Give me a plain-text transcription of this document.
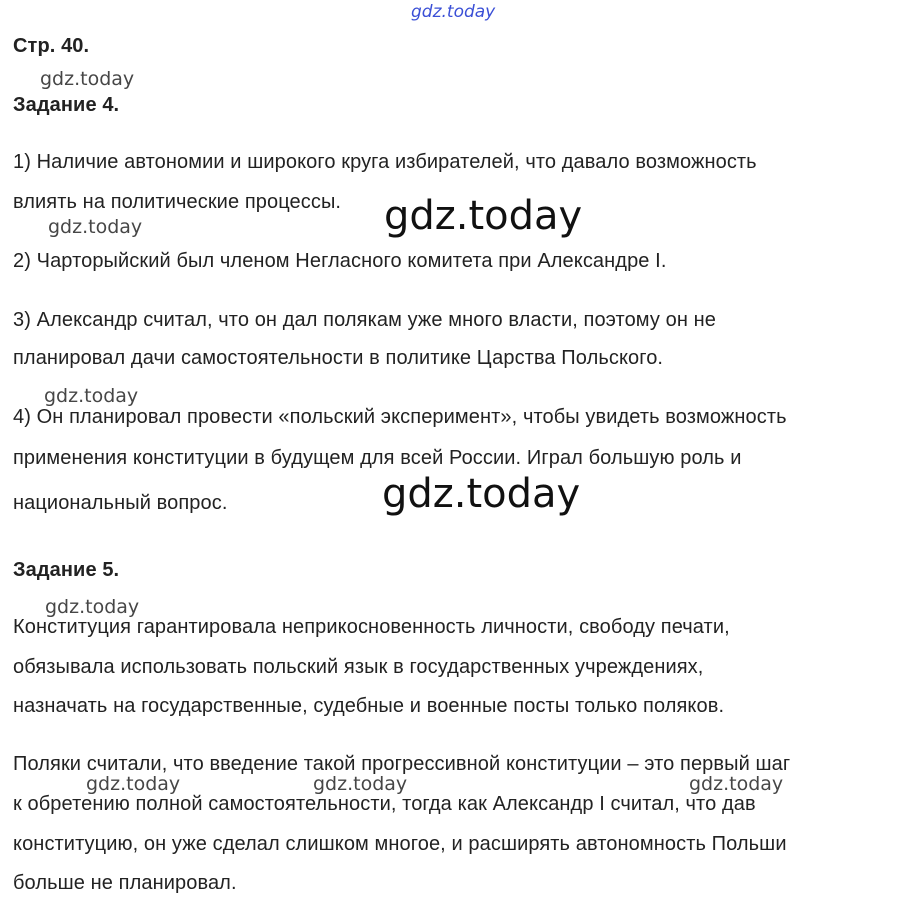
gdz.today
gdz.today
gdz.today
gdz.today
gdz.today
gdz.today
gdz.today
gdz.today	gdz.today	gdz.today
Стр. 40.
Задание 4.
1) Наличие автономии и широкого круга избирателей, что давало возможность
влиять на политические процессы.
2) Чарторыйский был членом Негласного комитета при Александре I.
3) Александр считал, что он дал полякам уже много власти, поэтому он не
планировал дачи самостоятельности в политике Царства Польского.
4) Он планировал провести «польский эксперимент», чтобы увидеть возможность
применения конституции в будущем для всей России. Играл большую роль и
национальный вопрос.
Задание 5.
Конституция гарантировала неприкосновенность личности, свободу печати,
обязывала использовать польский язык в государственных учреждениях,
назначать на государственные, судебные и военные посты только поляков.
Поляки считали, что введение такой прогрессивной конституции – это первый шаг
к обретению полной самостоятельности, тогда как Александр I считал, что дав
конституцию, он уже сделал слишком многое, и расширять автономность Польши
больше не планировал.
